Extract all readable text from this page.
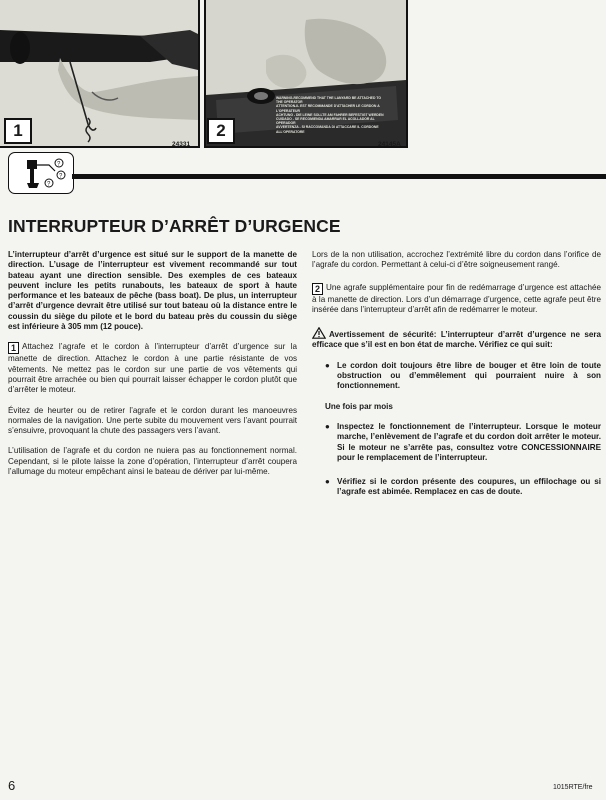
1
24331
WARNING-RECOMMEND THAT THE LANYARD BE ATTACHED TO THE OPERATOR
ATTENTION-IL EST RECOMMANDE D'ATTACHER LE CORDON A L'OPERATEUR
ACHTUNG - DIE LEINE SOLLTE AM FAHRER BEFESTIGT WERDEN
CUIDADO - SE RECOMIENDA AMARRAR EL ACOLLADOR AL OPERADOR
AVVERTENZA - SI RACCOMANDA DI ATTACCARE IL CORDONE ALL'OPERATORE
2
24145A
?
?
?
INTERRUPTEUR D’ARRÊT D’URGENCE

L’interrupteur d’arrêt d’urgence est situé sur le support de la manette de direction. L’usage de l’interrupteur est vivement recommandé sur tout bateau ayant une direction sensible. Des exemples de ces bateaux peuvent inclure les petits runabouts, les bateaux de sport à haute performance et les bateaux de pêche (bass boat). De plus, un interrupteur d’arrêt d’urgence devrait être utilisé sur tout bateau où la distance entre le coussin du siège du pilote et le bord du bateau près du coussin du siège est inférieure à 305 mm (12 pouce).

1 Attachez l’agrafe et le cordon à l’interrupteur d’arrêt d’urgence sur la manette de direction. Attachez le cordon à une partie résistante de vos vêtements. Ne mettez pas le cordon sur une partie de vos vêtements qui pourrait être arrachée ou bien qui pourrait laisser échapper le cordon plutôt que d’arrêter le moteur.

Évitez de heurter ou de retirer l’agrafe et le cordon durant les manoeuvres normales de la navigation. Une perte subite du mouvement vers l’avant pourrait s’ensuivre, provoquant la chute des passagers vers l’avant.

L’utilisation de l’agrafe et du cordon ne nuiera pas au fonctionnement normal. Cependant, si le pilote laisse la zone d’opération, l’interrupteur d’arrêt coupera l’allumage du moteur empêchant ainsi le bateau de dériver par lui-même.

Lors de la non utilisation, accrochez l’extrémité libre du cordon dans l’orifice de l’agrafe du cordon. Permettant à celui-ci d’être soigneusement rangé.

2 Une agrafe supplémentaire pour fin de redémarrage d’urgence est attachée à la manette de direction. Lors d’un démarrage d’urgence, cette agrafe peut être insérée dans l’interrupteur d’arrêt afin de redémarrer le moteur.

Avertissement de sécurité: L’interrupteur d’arrêt d’urgence ne sera efficace que s’il est en bon état de marche. Vérifiez ce qui suit:

● Le cordon doit toujours être libre de bouger et être loin de toute obstruction ou d’emmêlement qui pourraient nuire à son fonctionnement.

Une fois par mois

● Inspectez le fonctionnement de l’interrupteur. Lorsque le moteur marche, l’enlèvement de l’agrafe et du cordon doit arrêter le moteur. Si le moteur ne s’arrête pas, consultez votre CONCESSIONNAIRE pour le remplacement de l’interrupteur.
● Vérifiez si le cordon présente des coupures, un effilochage ou si l’agrafe est abimée. Remplacez en cas de doute.
6	1015RTE/fre
